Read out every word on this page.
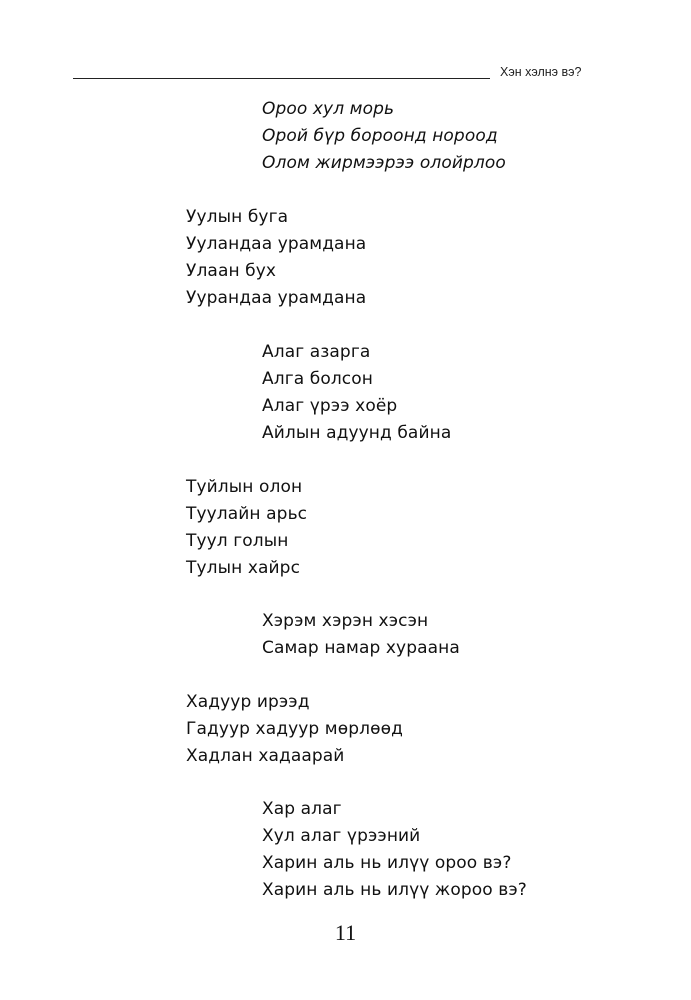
Хэн хэлнэ вэ?
Ороо хул морь
Орой бүр бороонд нороод
Олом жирмээрээ олойрлоо
Уулын буга
Ууландаа урамдана
Улаан бух
Уурандаа урамдана
Алаг азарга
Алга болсон
Алаг үрээ хоёр
Айлын адуунд байна
Туйлын олон
Туулайн арьс
Туул голын
Тулын хайрс
Хэрэм хэрэн хэсэн
Самар намар хураана
Хадуур ирээд
Гадуур хадуур мөрлөөд
Хадлан хадаарай
Хар алаг
Хул алаг үрээний
Харин аль нь илүү ороо вэ?
Харин аль нь илүү жороо вэ?
11
